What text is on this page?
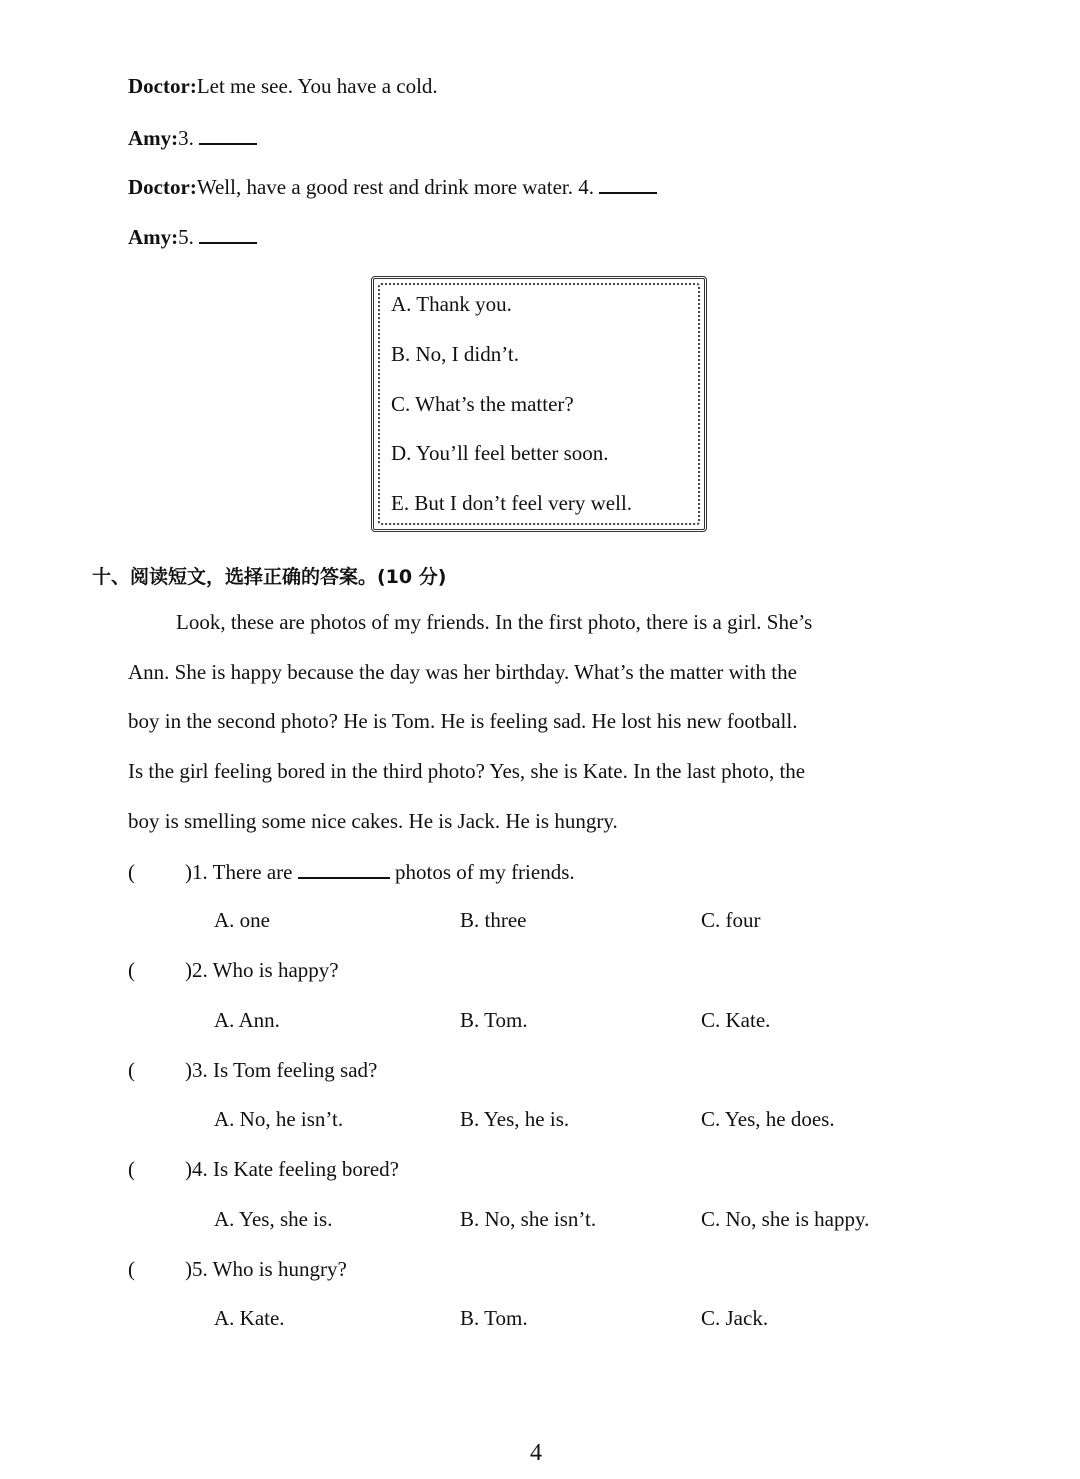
Doctor:Let me see. You have a cold.
Amy:3.
Doctor:Well, have a good rest and drink more water. 4.
Amy:5.
A. Thank you.
B. No, I didn’t.
C. What’s the matter?
D. You’ll feel better soon.
E. But I don’t feel very well.
十、阅读短文，选择正确的答案。(10 分)
Look, these are photos of my friends. In the first photo, there is a girl. She’s
Ann. She is happy because the day was her birthday. What’s the matter with the
boy in the second photo? He is Tom. He is feeling sad. He lost his new football.
Is the girl feeling bored in the third photo? Yes, she is Kate. In the last photo, the
boy is smelling some nice cakes. He is Jack. He is hungry.
( )1. There are	photos of my friends.
A. one	B. three	C. four
( )2. Who is happy?
A. Ann.	B. Tom.	C. Kate.
( )3. Is Tom feeling sad?
A. No, he isn’t.	B. Yes, he is.	C. Yes, he does.
( )4. Is Kate feeling bored?
A. Yes, she is.	B. No, she isn’t.	C. No, she is happy.
( )5. Who is hungry?
A. Kate.	B. Tom.	C. Jack.
4
